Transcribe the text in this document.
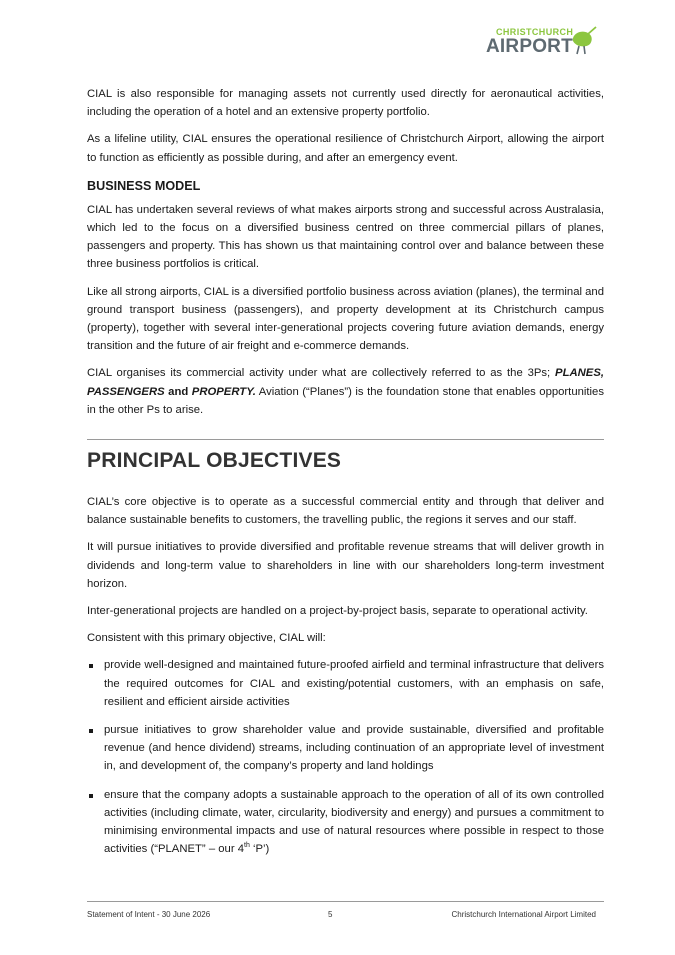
CHRISTCHURCH
AIRPORT

CIAL is also responsible for managing assets not currently used directly for aeronautical activities, including the operation of a hotel and an extensive property portfolio.

As a lifeline utility, CIAL ensures the operational resilience of Christchurch Airport, allowing the airport to function as efficiently as possible during, and after an emergency event.

BUSINESS MODEL

CIAL has undertaken several reviews of what makes airports strong and successful across Australasia, which led to the focus on a diversified business centred on three commercial pillars of planes, passengers and property. This has shown us that maintaining control over and balance between these three business portfolios is critical.

Like all strong airports, CIAL is a diversified portfolio business across aviation (planes), the terminal and ground transport business (passengers), and property development at its Christchurch campus (property), together with several inter-generational projects covering future aviation demands, energy transition and the future of air freight and e-commerce demands.

CIAL organises its commercial activity under what are collectively referred to as the 3Ps; PLANES, PASSENGERS and PROPERTY. Aviation (“Planes”) is the foundation stone that enables opportunities in the other Ps to arise.

PRINCIPAL OBJECTIVES

CIAL’s core objective is to operate as a successful commercial entity and through that deliver and balance sustainable benefits to customers, the travelling public, the regions it serves and our staff.

It will pursue initiatives to provide diversified and profitable revenue streams that will deliver growth in dividends and long-term value to shareholders in line with our shareholders long-term investment horizon.

Inter-generational projects are handled on a project-by-project basis, separate to operational activity.

Consistent with this primary objective, CIAL will:

provide well-designed and maintained future-proofed airfield and terminal infrastructure that delivers the required outcomes for CIAL and existing/potential customers, with an emphasis on safe, resilient and efficient airside activities
pursue initiatives to grow shareholder value and provide sustainable, diversified and profitable revenue (and hence dividend) streams, including continuation of an appropriate level of investment in, and development of, the company’s property and land holdings
ensure that the company adopts a sustainable approach to the operation of all of its own controlled activities (including climate, water, circularity, biodiversity and energy) and pursues a commitment to minimising environmental impacts and use of natural resources where possible in respect to those activities (“PLANET” – our 4th ‘P’)
Statement of Intent - 30 June 2026	5	Christchurch International Airport Limited
